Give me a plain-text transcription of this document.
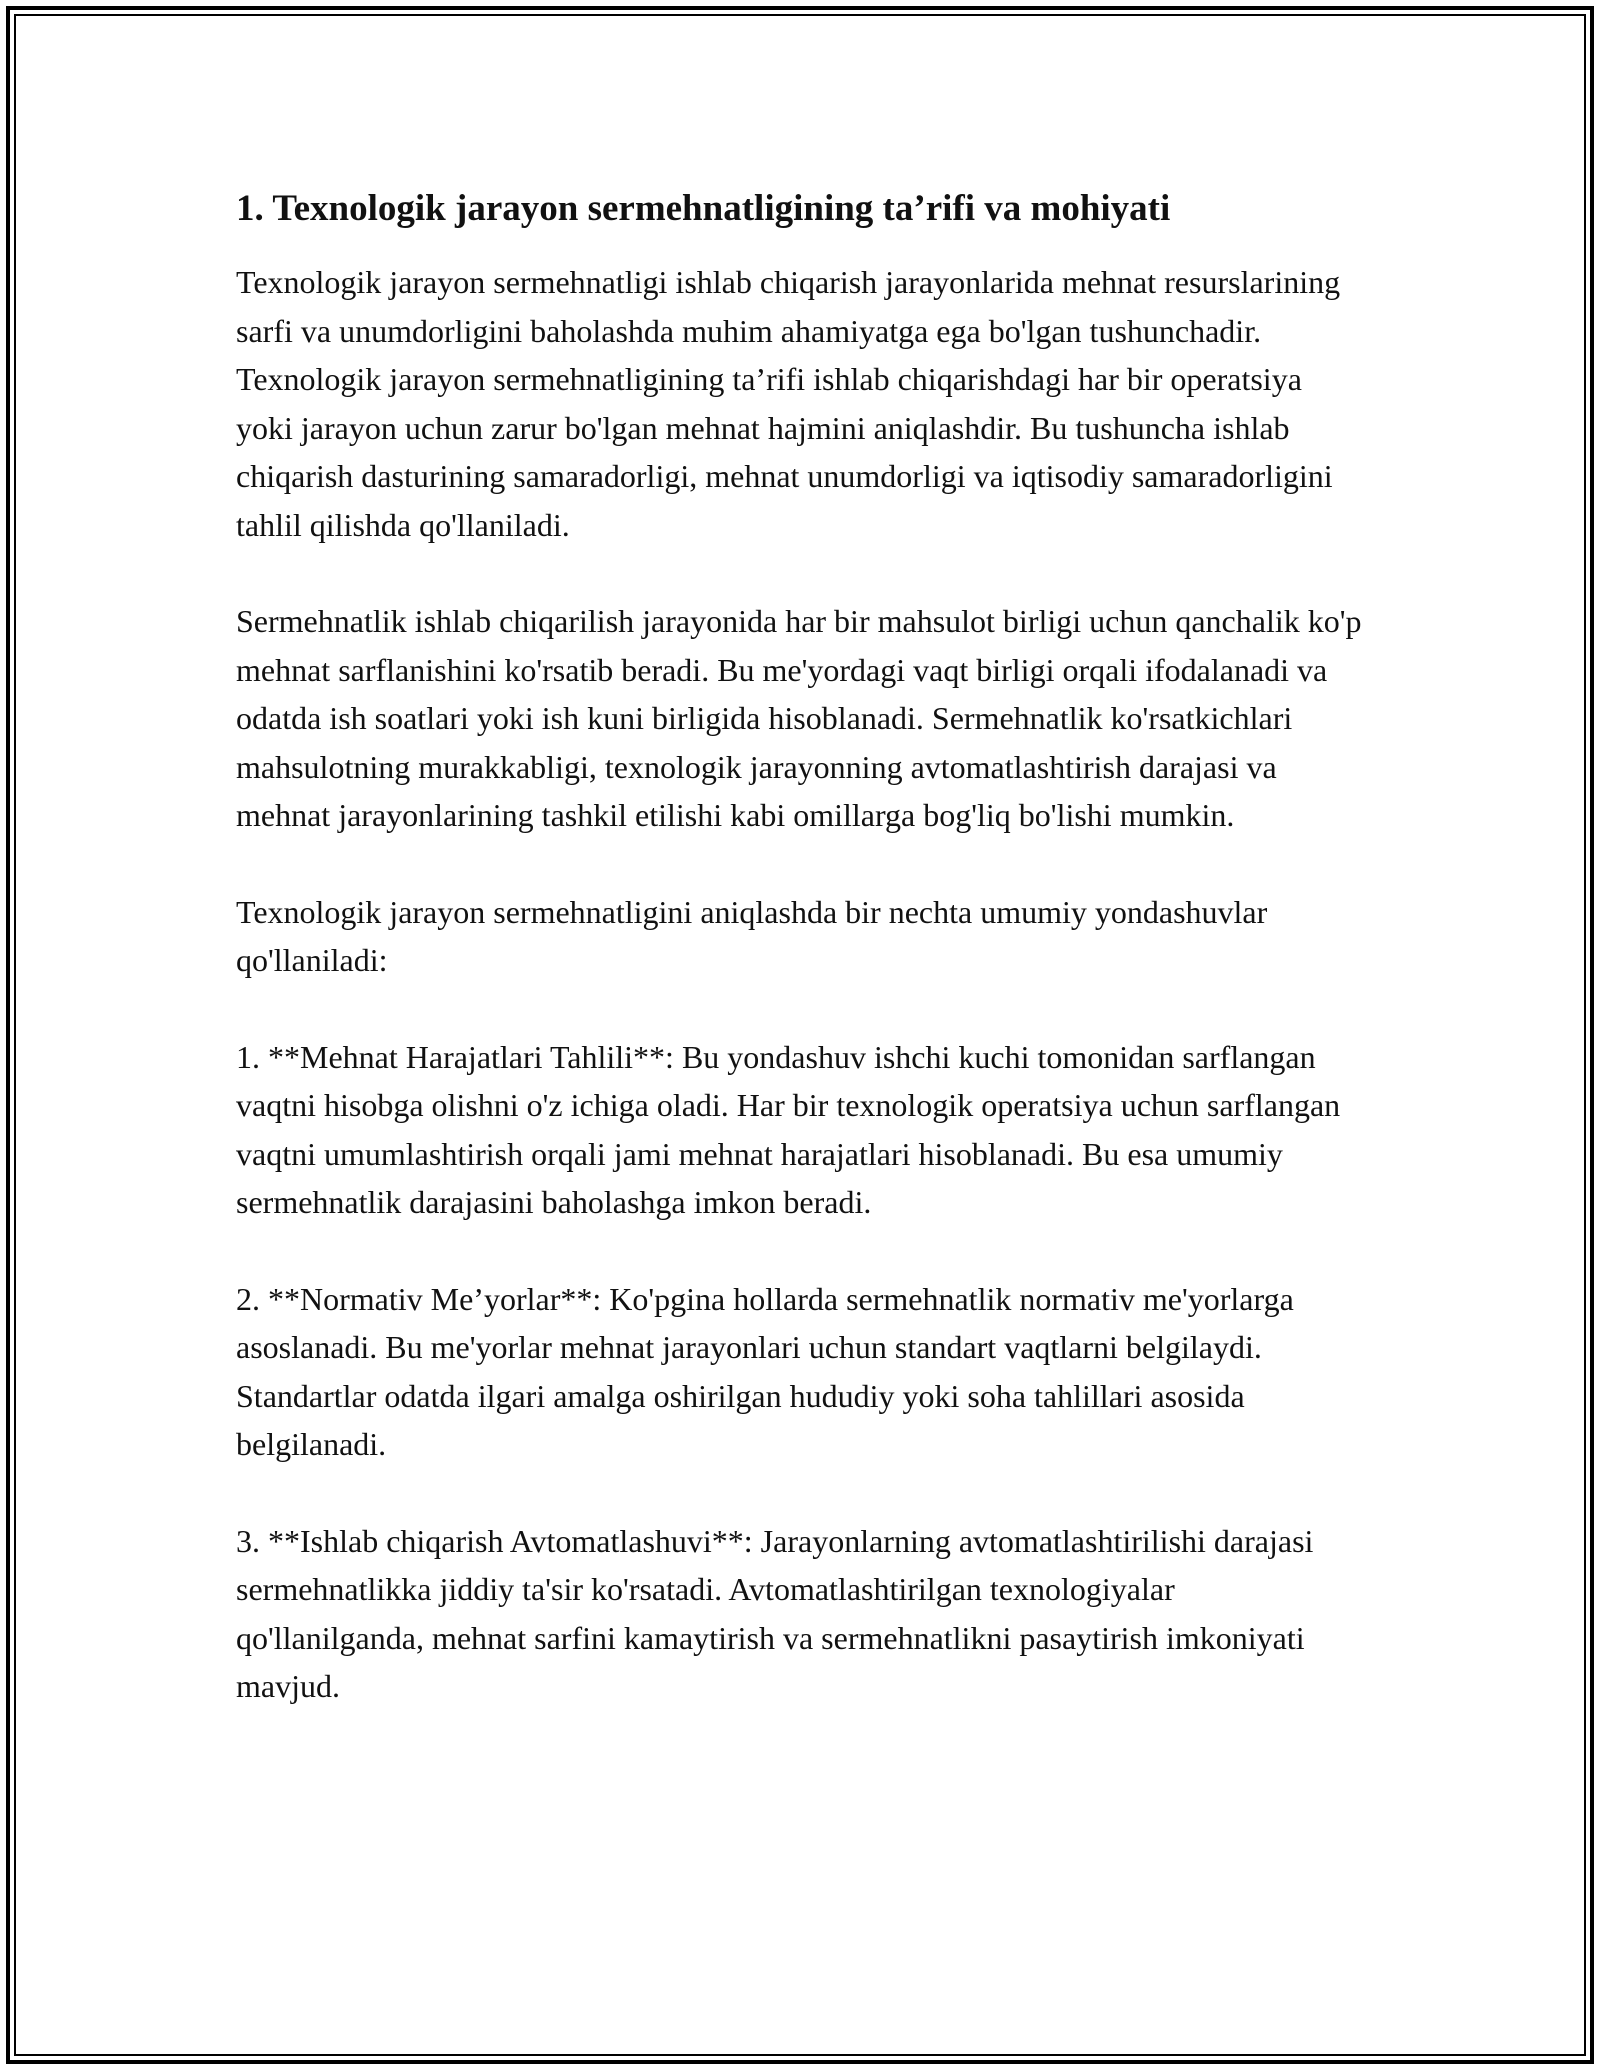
1. Texnologik jarayon sermehnatligining ta’rifi va mohiyati

Texnologik jarayon sermehnatligi ishlab chiqarish jarayonlarida mehnat resurslarining sarfi va unumdorligini baholashda muhim ahamiyatga ega bo'lgan tushunchadir. Texnologik jarayon sermehnatligining ta’rifi ishlab chiqarishdagi har bir operatsiya yoki jarayon uchun zarur bo'lgan mehnat hajmini aniqlashdir. Bu tushuncha ishlab chiqarish dasturining samaradorligi, mehnat unumdorligi va iqtisodiy samaradorligini tahlil qilishda qo'llaniladi.

Sermehnatlik ishlab chiqarilish jarayonida har bir mahsulot birligi uchun qanchalik ko'p mehnat sarflanishini ko'rsatib beradi. Bu me'yordagi vaqt birligi orqali ifodalanadi va odatda ish soatlari yoki ish kuni birligida hisoblanadi. Sermehnatlik ko'rsatkichlari mahsulotning murakkabligi, texnologik jarayonning avtomatlashtirish darajasi va mehnat jarayonlarining tashkil etilishi kabi omillarga bog'liq bo'lishi mumkin.

Texnologik jarayon sermehnatligini aniqlashda bir nechta umumiy yondashuvlar qo'llaniladi:

1. **Mehnat Harajatlari Tahlili**: Bu yondashuv ishchi kuchi tomonidan sarflangan vaqtni hisobga olishni o'z ichiga oladi. Har bir texnologik operatsiya uchun sarflangan vaqtni umumlashtirish orqali jami mehnat harajatlari hisoblanadi. Bu esa umumiy sermehnatlik darajasini baholashga imkon beradi.

2. **Normativ Me’yorlar**: Ko'pgina hollarda sermehnatlik normativ me'yorlarga asoslanadi. Bu me'yorlar mehnat jarayonlari uchun standart vaqtlarni belgilaydi. Standartlar odatda ilgari amalga oshirilgan hududiy yoki soha tahlillari asosida belgilanadi.

3. **Ishlab chiqarish Avtomatlashuvi**: Jarayonlarning avtomatlashtirilishi darajasi sermehnatlikka jiddiy ta'sir ko'rsatadi. Avtomatlashtirilgan texnologiyalar qo'llanilganda, mehnat sarfini kamaytirish va sermehnatlikni pasaytirish imkoniyati mavjud.
